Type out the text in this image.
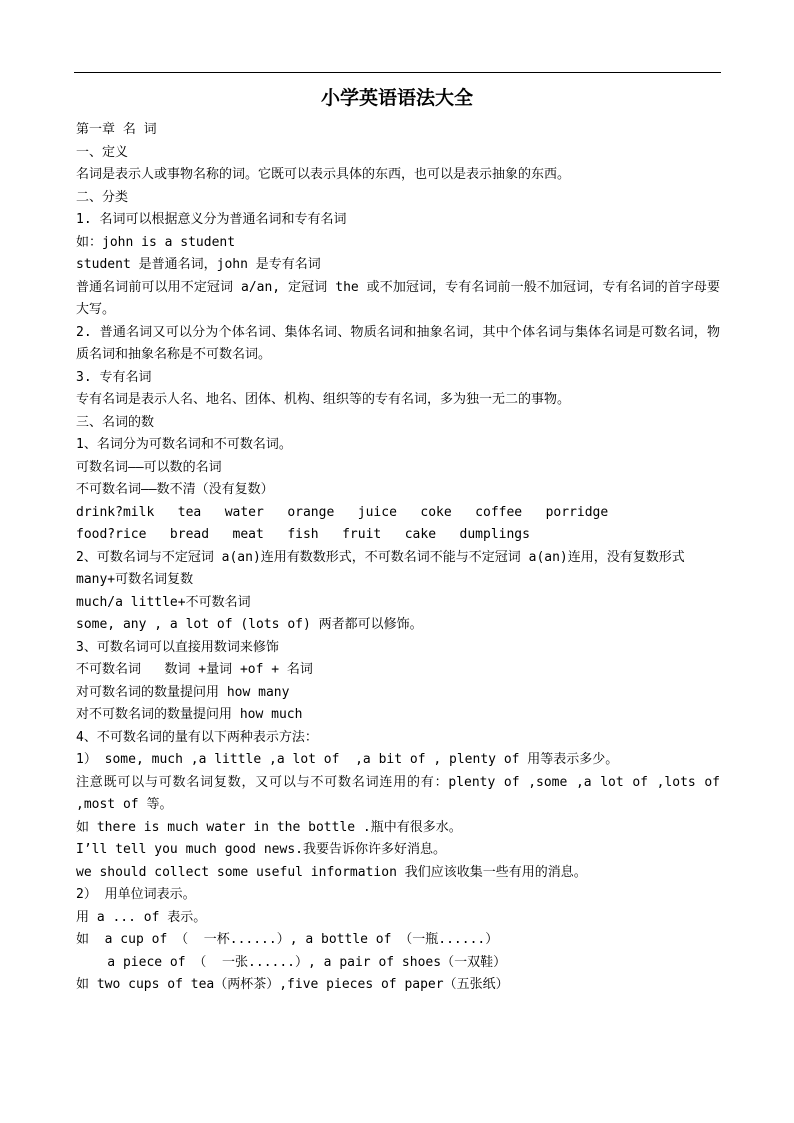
小学英语语法大全
第一章 名 词
一、定义
名词是表示人或事物名称的词。它既可以表示具体的东西，也可以是表示抽象的东西。
二、分类
1. 名词可以根据意义分为普通名词和专有名词
如：john is a student
student 是普通名词，john 是专有名词
普通名词前可以用不定冠词 a/an, 定冠词 the 或不加冠词，专有名词前一般不加冠词，专有名词的首字母要大写。
2. 普通名词又可以分为个体名词、集体名词、物质名词和抽象名词，其中个体名词与集体名词是可数名词，物质名词和抽象名称是不可数名词。
3. 专有名词
专有名词是表示人名、地名、团体、机构、组织等的专有名词，多为独一无二的事物。
三、名词的数
1、名词分为可数名词和不可数名词。
可数名词——可以数的名词
不可数名词——数不清（没有复数）
drink?milk   tea   water   orange   juice   coke   coffee   porridge
food?rice   bread   meat   fish   fruit   cake   dumplings
2、可数名词与不定冠词 a(an)连用有数数形式，不可数名词不能与不定冠词 a(an)连用，没有复数形式
many+可数名词复数
much/a little+不可数名词
some, any , a lot of (lots of) 两者都可以修饰。
3、可数名词可以直接用数词来修饰
不可数名词   数词 +量词 +of + 名词
对可数名词的数量提问用 how many
对不可数名词的数量提问用 how much
4、不可数名词的量有以下两种表示方法：
1） some, much ,a little ,a lot of  ,a bit of , plenty of 用等表示多少。
注意既可以与可数名词复数，又可以与不可数名词连用的有：plenty of ,some ,a lot of ,lots of ,most of 等。
如 there is much water in the bottle .瓶中有很多水。
I’ll tell you much good news.我要告诉你许多好消息。
we should collect some useful information 我们应该收集一些有用的消息。
2） 用单位词表示。
用 a ... of 表示。
如  a cup of （  一杯......）, a bottle of （一瓶......）
a piece of （  一张......）, a pair of shoes（一双鞋）
如 two cups of tea（两杯茶）,five pieces of paper（五张纸）
